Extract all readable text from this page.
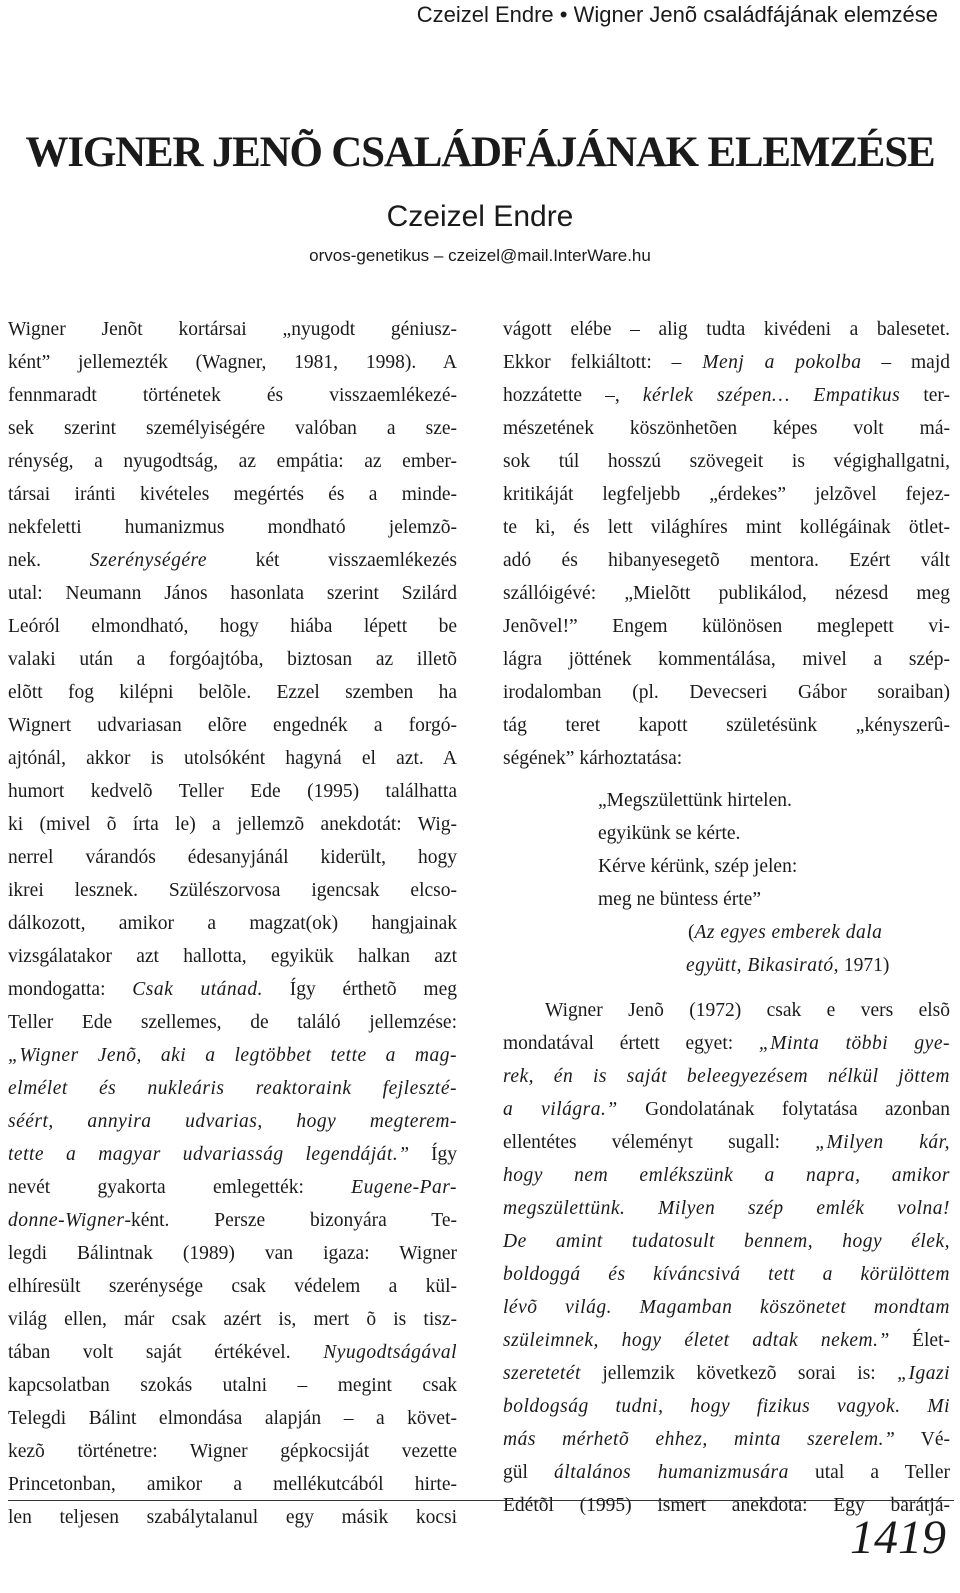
Czeizel Endre • Wigner Jenõ családfájának elemzése
WIGNER JENÕ CSALÁDFÁJÁNAK ELEMZÉSE
Czeizel Endre
orvos-genetikus – czeizel@mail.InterWare.hu
Wigner Jenõt kortársai „nyugodt géniusz-
ként” jellemezték (Wagner, 1981, 1998). A
fennmaradt történetek és visszaemlékezé-
sek szerint személyiségére valóban a sze-
rénység, a nyugodtság, az empátia: az ember-
társai iránti kivételes megértés és a minde-
nekfeletti humanizmus mondható jelemzõ-
nek. Szerénységére két visszaemlékezés
utal: Neumann János hasonlata szerint Szilárd
Leóról elmondható, hogy hiába lépett be
valaki után a forgóajtóba, biztosan az illetõ
elõtt fog kilépni belõle. Ezzel szemben ha
Wignert udvariasan elõre engednék a forgó-
ajtónál, akkor is utolsóként hagyná el azt. A
humort kedvelõ Teller Ede (1995) találhatta
ki (mivel õ írta le) a jellemzõ anekdotát: Wig-
nerrel várandós édesanyjánál kiderült, hogy
ikrei lesznek. Szülészorvosa igencsak elcso-
dálkozott, amikor a magzat(ok) hangjainak
vizsgálatakor azt hallotta, egyikük halkan azt
mondogatta: Csak utánad. Így érthetõ meg
Teller Ede szellemes, de találó jellemzése:
„Wigner Jenõ, aki a legtöbbet tette a mag-
elmélet és nukleáris reaktoraink fejleszté-
séért, annyira udvarias, hogy megterem-
tette a magyar udvariasság legendáját.” Így
nevét gyakorta emlegették: Eugene-Par-
donne-Wigner-ként. Persze bizonyára Te-
legdi Bálintnak (1989) van igaza: Wigner
elhíresült szerénysége csak védelem a kül-
világ ellen, már csak azért is, mert õ is tisz-
tában volt saját értékével. Nyugodtságával
kapcsolatban szokás utalni – megint csak
Telegdi Bálint elmondása alapján – a követ-
kezõ történetre: Wigner gépkocsiját vezette
Princetonban, amikor a mellékutcából hirte-
len teljesen szabálytalanul egy másik kocsi
vágott elébe – alig tudta kivédeni a balesetet.
Ekkor felkiáltott: – Menj a pokolba – majd
hozzátette –, kérlek szépen… Empatikus ter-
mészetének köszönhetõen képes volt má-
sok túl hosszú szövegeit is végighallgatni,
kritikáját legfeljebb „érdekes” jelzõvel fejez-
te ki, és lett világhíres mint kollégáinak ötlet-
adó és hibanyesegetõ mentora. Ezért vált
szállóigévé: „Mielõtt publikálod, nézesd meg
Jenõvel!” Engem különösen meglepett vi-
lágra jöttének kommentálása, mivel a szép-
irodalomban (pl. Devecseri Gábor soraiban)
tág teret kapott születésünk „kényszerû-
ségének” kárhoztatása:
„Megszülettünk hirtelen.
egyikünk se kérte.
Kérve kérünk, szép jelen:
meg ne büntess érte”
(Az egyes emberek dala
együtt, Bikasirató, 1971)
Wigner Jenõ (1972) csak e vers elsõ
mondatával értett egyet: „Minta többi gye-
rek, én is saját beleegyezésem nélkül jöttem
a világra.” Gondolatának folytatása azonban
ellentétes véleményt sugall: „Milyen kár,
hogy nem emlékszünk a napra, amikor
megszülettünk. Milyen szép emlék volna!
De amint tudatosult bennem, hogy élek,
boldoggá és kíváncsivá tett a körülöttem
lévõ világ. Magamban köszönetet mondtam
szüleimnek, hogy életet adtak nekem.” Élet-
szeretetét jellemzik következõ sorai is: „Igazi
boldogság tudni, hogy fizikus vagyok. Mi
más mérhetõ ehhez, minta szerelem.” Vé-
gül általános humanizmusára utal a Teller
Edétõl (1995) ismert anekdota: Egy barátjá-
1419
